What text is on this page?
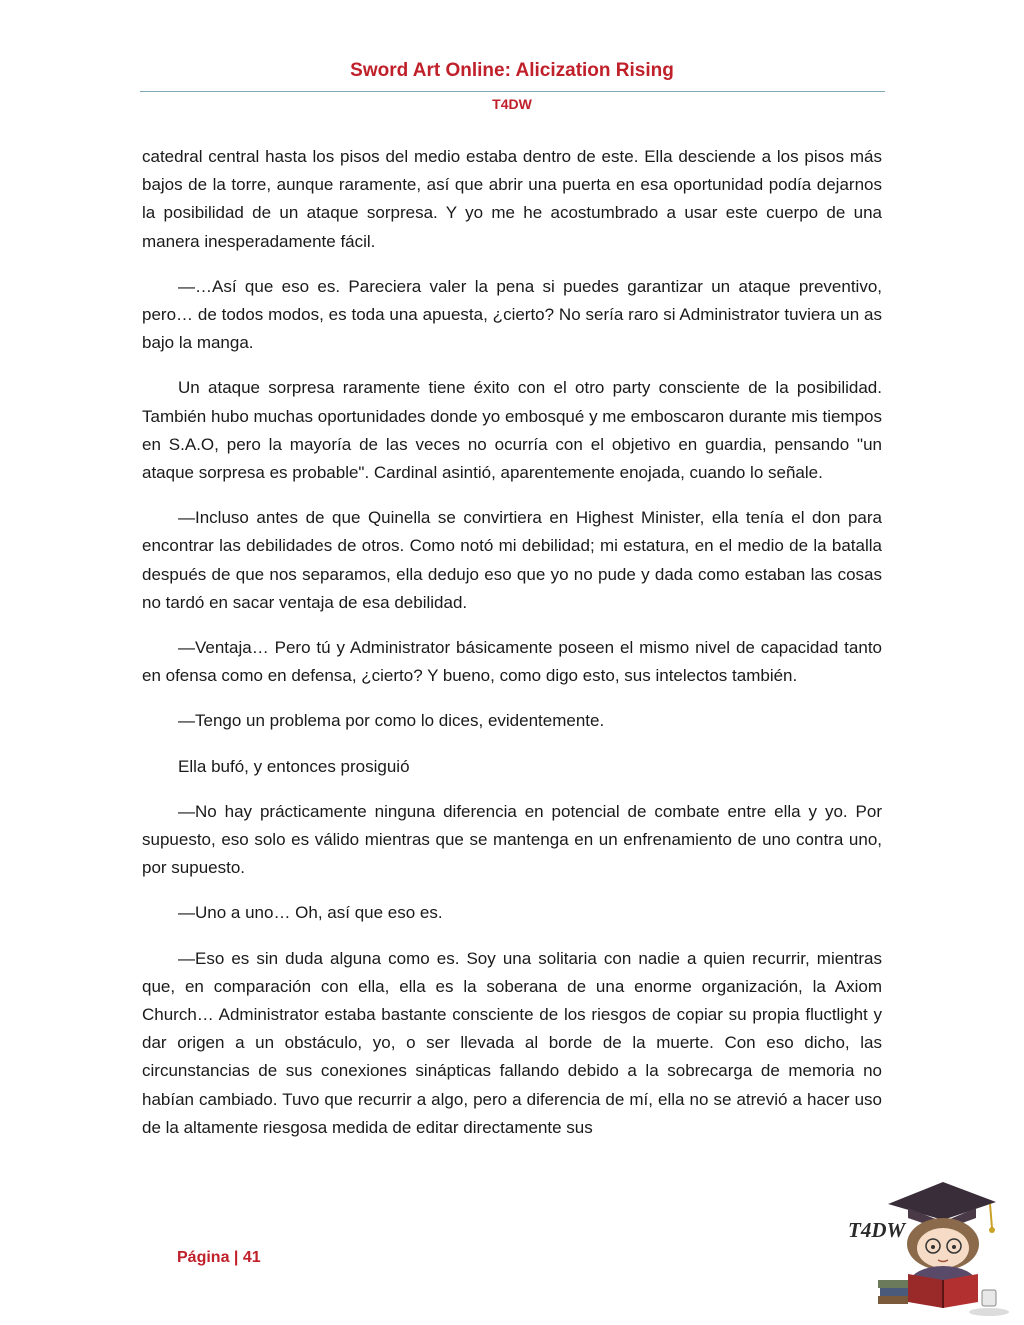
Sword Art Online: Alicization Rising
T4DW

catedral central hasta los pisos del medio estaba dentro de este. Ella desciende a los pisos más bajos de la torre, aunque raramente, así que abrir una puerta en esa oportunidad podía dejarnos la posibilidad de un ataque sorpresa. Y yo me he acostumbrado a usar este cuerpo de una manera inesperadamente fácil.

—…Así que eso es. Pareciera valer la pena si puedes garantizar un ataque preventivo, pero… de todos modos, es toda una apuesta, ¿cierto? No sería raro si Administrator tuviera un as bajo la manga.

Un ataque sorpresa raramente tiene éxito con el otro party consciente de la posibilidad. También hubo muchas oportunidades donde yo embosqué y me emboscaron durante mis tiempos en S.A.O, pero la mayoría de las veces no ocurría con el objetivo en guardia, pensando "un ataque sorpresa es probable". Cardinal asintió, aparentemente enojada, cuando lo señale.

—Incluso antes de que Quinella se convirtiera en Highest Minister, ella tenía el don para encontrar las debilidades de otros. Como notó mi debilidad; mi estatura, en el medio de la batalla después de que nos separamos, ella dedujo eso que yo no pude y dada como estaban las cosas no tardó en sacar ventaja de esa debilidad.

—Ventaja… Pero tú y Administrator básicamente poseen el mismo nivel de capacidad tanto en ofensa como en defensa, ¿cierto? Y bueno, como digo esto, sus intelectos también.

—Tengo un problema por como lo dices, evidentemente.

Ella bufó, y entonces prosiguió

—No hay prácticamente ninguna diferencia en potencial de combate entre ella y yo. Por supuesto, eso solo es válido mientras que se mantenga en un enfrenamiento de uno contra uno, por supuesto.

—Uno a uno… Oh, así que eso es.

—Eso es sin duda alguna como es. Soy una solitaria con nadie a quien recurrir, mientras que, en comparación con ella, ella es la soberana de una enorme organización, la Axiom Church… Administrator estaba bastante consciente de los riesgos de copiar su propia fluctlight y dar origen a un obstáculo, yo, o ser llevada al borde de la muerte. Con eso dicho, las circunstancias de sus conexiones sinápticas fallando debido a la sobrecarga de memoria no habían cambiado. Tuvo que recurrir a algo, pero a diferencia de mí, ella no se atrevió a hacer uso de la altamente riesgosa medida de editar directamente sus

Página | 41
T4DW
